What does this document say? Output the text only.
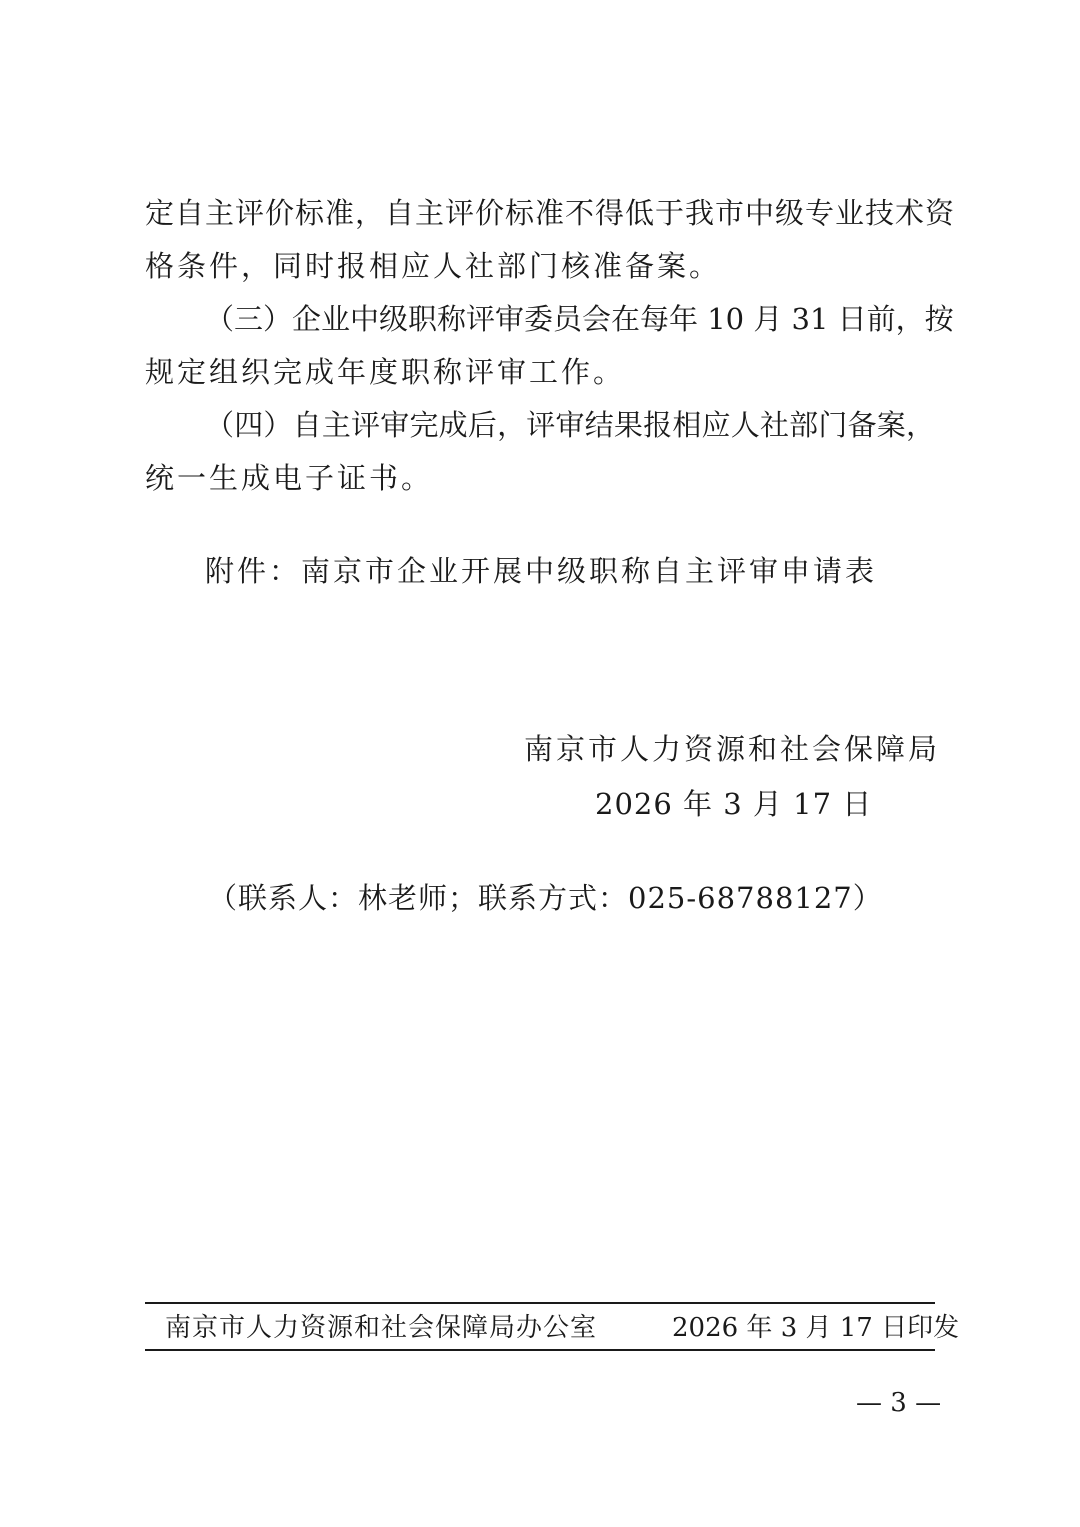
定自主评价标准，自主评价标准不得低于我市中级专业技术资
格条件，同时报相应人社部门核准备案。
（三）企业中级职称评审委员会在每年 10 月 31 日前，按
规定组织完成年度职称评审工作。
（四）自主评审完成后，评审结果报相应人社部门备案，
统一生成电子证书。
附件：南京市企业开展中级职称自主评审申请表
南京市人力资源和社会保障局
2026 年 3 月 17 日
（联系人：林老师；联系方式：025-68788127）
南京市人力资源和社会保障局办公室	2026 年 3 月 17 日印发
— 3 —
